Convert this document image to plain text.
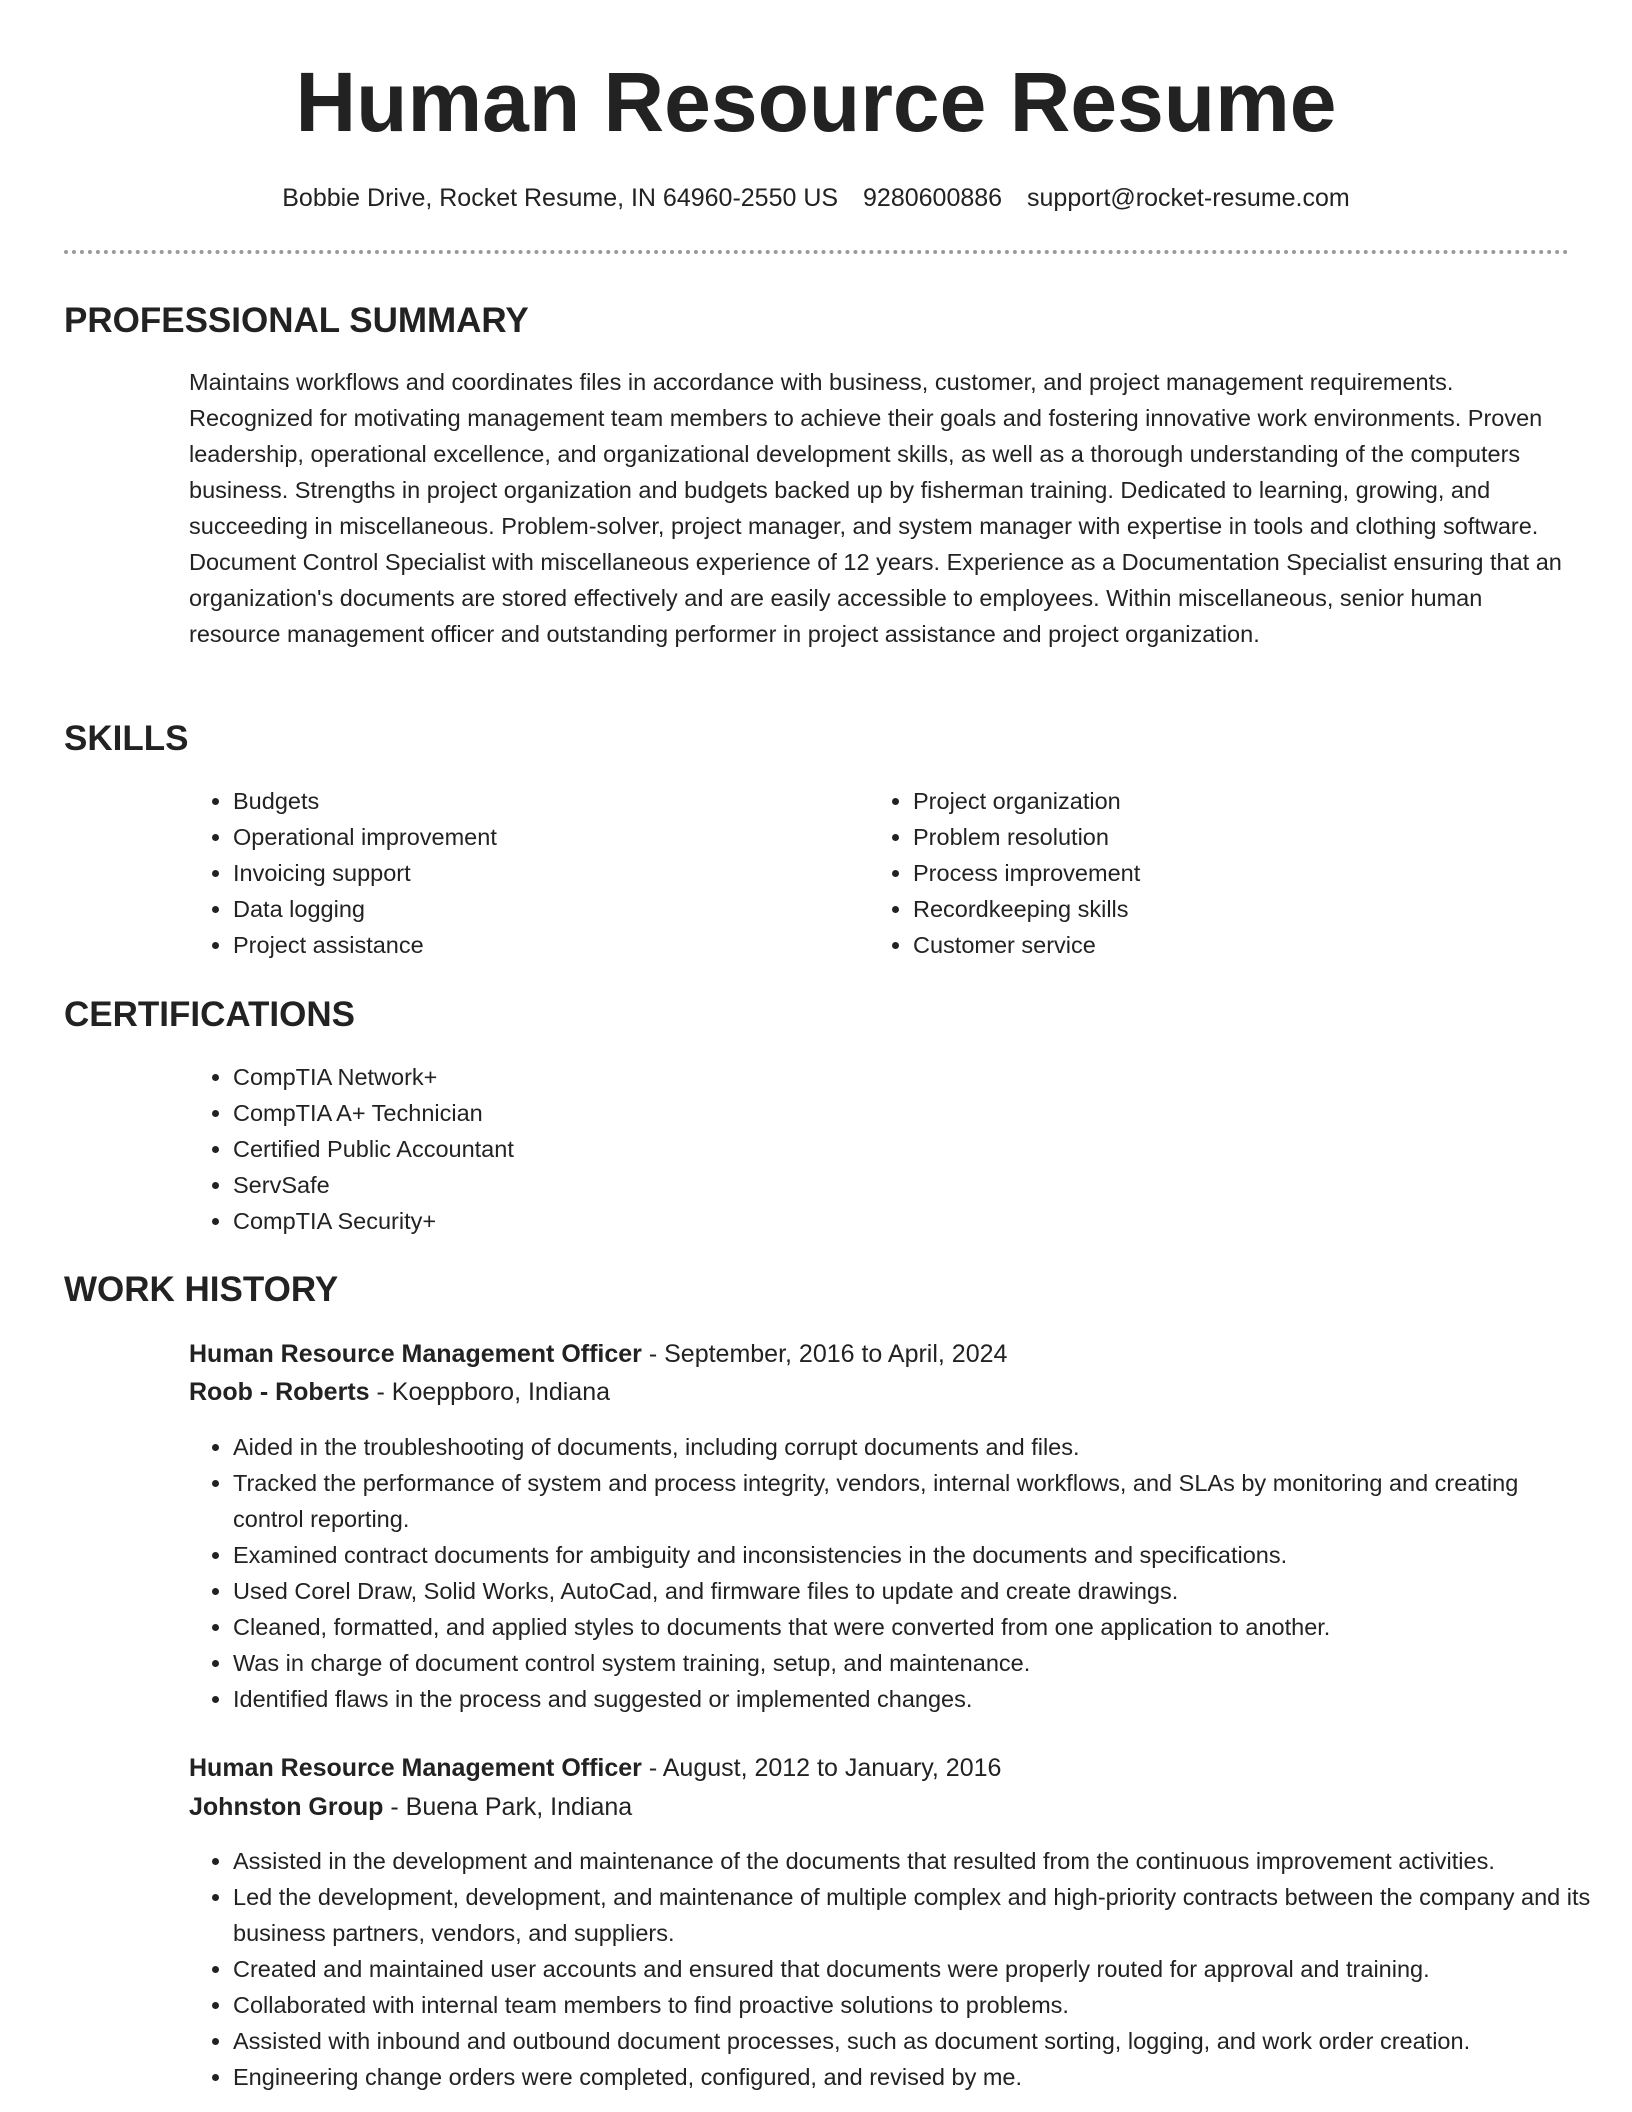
Human Resource Resume
Bobbie Drive, Rocket Resume, IN 64960-2550 US 9280600886 support@rocket-resume.com
PROFESSIONAL SUMMARY

Maintains workflows and coordinates files in accordance with business, customer, and project management requirements. Recognized for motivating management team members to achieve their goals and fostering innovative work environments. Proven leadership, operational excellence, and organizational development skills, as well as a thorough understanding of the computers business. Strengths in project organization and budgets backed up by fisherman training. Dedicated to learning, growing, and succeeding in miscellaneous. Problem-solver, project manager, and system manager with expertise in tools and clothing software. Document Control Specialist with miscellaneous experience of 12 years. Experience as a Documentation Specialist ensuring that an organization's documents are stored effectively and are easily accessible to employees. Within miscellaneous, senior human resource management officer and outstanding performer in project assistance and project organization.

SKILLS
• Budgets
• Operational improvement
• Invoicing support
• Data logging
• Project assistance
• Project organization
• Problem resolution
• Process improvement
• Recordkeeping skills
• Customer service
CERTIFICATIONS
• CompTIA Network+
• CompTIA A+ Technician
• Certified Public Accountant
• ServSafe
• CompTIA Security+
WORK HISTORY
Human Resource Management Officer - September, 2016 to April, 2024
Roob - Roberts - Koeppboro, Indiana
• Aided in the troubleshooting of documents, including corrupt documents and files.
• Tracked the performance of system and process integrity, vendors, internal workflows, and SLAs by monitoring and creating control reporting.
• Examined contract documents for ambiguity and inconsistencies in the documents and specifications.
• Used Corel Draw, Solid Works, AutoCad, and firmware files to update and create drawings.
• Cleaned, formatted, and applied styles to documents that were converted from one application to another.
• Was in charge of document control system training, setup, and maintenance.
• Identified flaws in the process and suggested or implemented changes.
Human Resource Management Officer - August, 2012 to January, 2016
Johnston Group - Buena Park, Indiana
• Assisted in the development and maintenance of the documents that resulted from the continuous improvement activities.
• Led the development, development, and maintenance of multiple complex and high-priority contracts between the company and its business partners, vendors, and suppliers.
• Created and maintained user accounts and ensured that documents were properly routed for approval and training.
• Collaborated with internal team members to find proactive solutions to problems.
• Assisted with inbound and outbound document processes, such as document sorting, logging, and work order creation.
• Engineering change orders were completed, configured, and revised by me.
